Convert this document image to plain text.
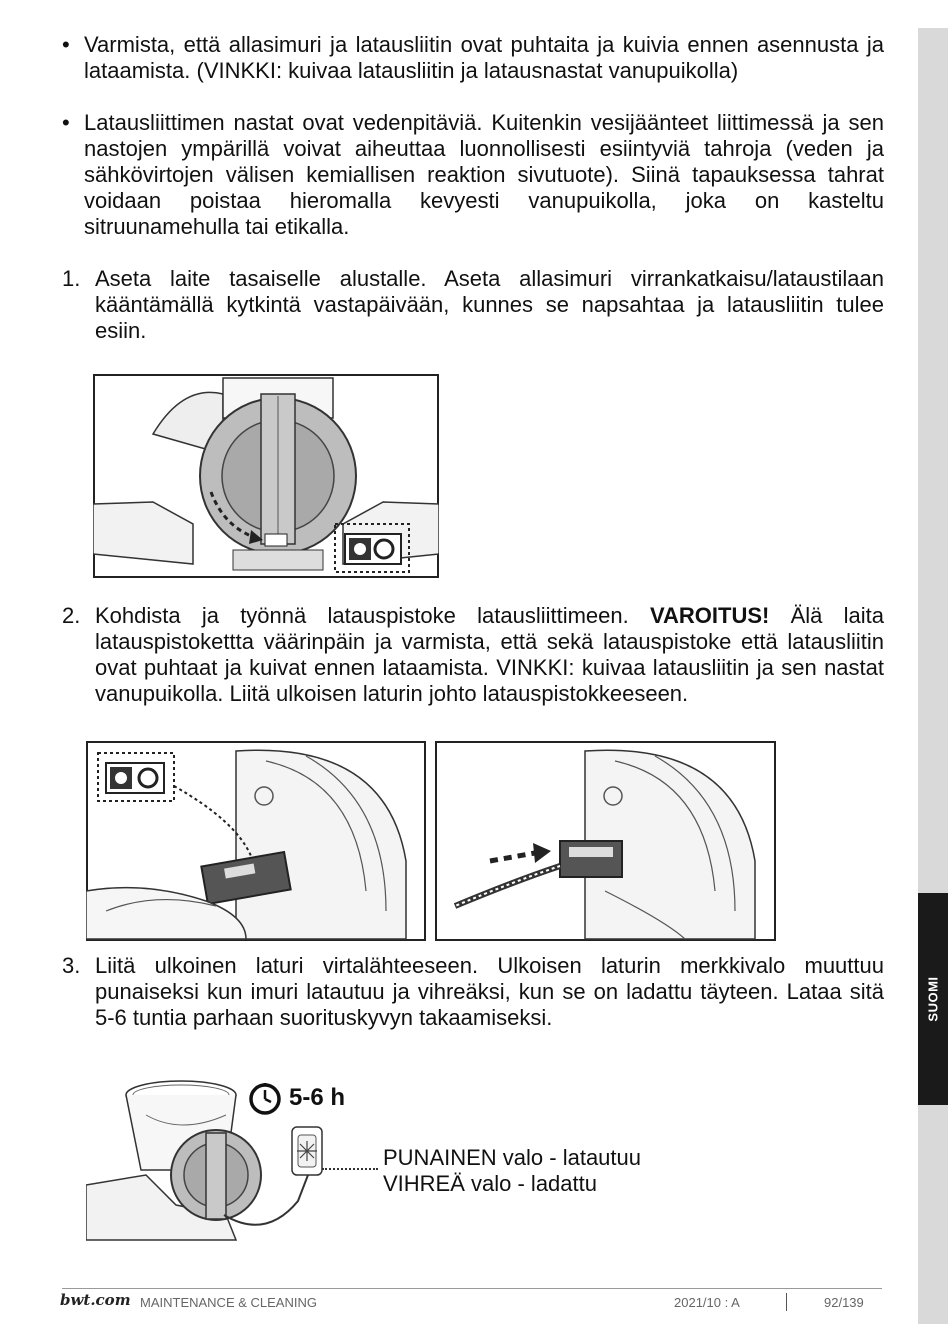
SUOMI
• Varmista, että allasimuri ja latausliitin ovat puhtaita ja kuivia ennen asennusta ja lataamista. (VINKKI: kuivaa latausliitin ja latausnastat vanupuikolla)
• Latausliittimen nastat ovat vedenpitäviä. Kuitenkin vesijäänteet liittimessä ja sen nastojen ympärillä voivat aiheuttaa luonnollisesti esiintyviä tahroja (veden ja sähkövirtojen välisen kemiallisen reaktion sivutuote). Siinä tapauksessa tahrat voidaan poistaa hieromalla kevyesti vanupuikolla, joka on kasteltu sitruunamehulla tai etikalla.
1. Aseta laite tasaiselle alustalle. Aseta allasimuri virrankatkaisu/lataustilaan kääntämällä kytkintä vastapäivään, kunnes se napsahtaa ja latausliitin tulee esiin.
2. Kohdista ja työnnä latauspistoke latausliittimeen. VAROITUS! Älä laita latauspistokettta väärinpäin ja varmista, että sekä latauspistoke että latausliitin ovat puhtaat ja kuivat ennen lataamista. VINKKI: kuivaa latausliitin ja sen nastat vanupuikolla. Liitä ulkoisen laturin johto latauspistokkeeseen.
3. Liitä ulkoinen laturi virtalähteeseen. Ulkoisen laturin merkkivalo muuttuu punaiseksi kun imuri latautuu ja vihreäksi, kun se on ladattu täyteen. Lataa sitä 5-6 tuntia parhaan suorituskyvyn takaamiseksi.
5-6 h
PUNAINEN valo - latautuu
VIHREÄ valo - ladattu
bwt.com MAINTENANCE & CLEANING	2021/10 : A	92/139
